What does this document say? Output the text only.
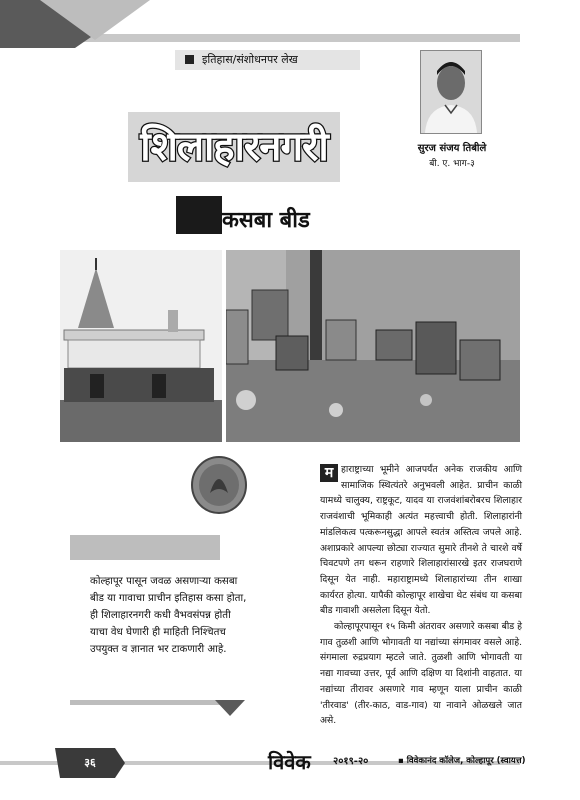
इतिहास/संशोधनपर लेख
सुरज संजय तिबीले
बी. ए. भाग-३
शिलाहारनगरी
कसबा बीड

कोल्हापूर पासून जवळ असणाऱ्या कसबा बीड या गावाचा प्राचीन इतिहास कसा होता, ही शिलाहारनगरी कधी वैभवसंपन्न होती याचा वेध घेणारी ही माहिती निश्चितच उपयुक्त व ज्ञानात भर टाकणारी आहे.

म हाराष्ट्राच्या भूमीने आजपर्यंत अनेक राजकीय आणि सामाजिक स्थित्यंतरे अनुभवली आहेत. प्राचीन काळी यामध्ये चालुक्य, राष्ट्रकूट, यादव या राजवंशांबरोबरच शिलाहार राजवंशाची भूमिकाही अत्यंत महत्त्वाची होती. शिलाहारांनी मांडलिकत्व पत्करूनसुद्धा आपले स्वतंत्र अस्तित्व जपले आहे. अशाप्रकारे आपल्या छोट्या राज्यात सुमारे तीनशे ते चारशे वर्षे चिवटपणे तग धरून राहणारे शिलाहारांसारखे इतर राजघराणे दिसून येत नाही. महाराष्ट्रामध्ये शिलाहारांच्या तीन शाखा कार्यरत होत्या. यापैकी कोल्हापूर शाखेचा थेट संबंध या कसबा बीड गावाशी असलेला दिसून येतो.

कोल्हापूरपासून १५ किमी अंतरावर असणारे कसबा बीड हे गाव तुळशी आणि भोगावती या नद्यांच्या संगमावर वसले आहे. संगमाला रुद्रप्रयाग म्हटले जाते. तुळशी आणि भोगावती या नद्या गावच्या उत्तर, पूर्व आणि दक्षिण या दिशांनी वाहतात. या नद्यांच्या तीरावर असणारे गाव म्हणून याला प्राचीन काळी 'तीरवाड' (तीर-काठ, वाड-गाव) या नावाने ओळखले जात असे.

३६	विवेक २०१९-२०	▪ विवेकानंद कॉलेज, कोल्हापूर (स्वायत्त)
